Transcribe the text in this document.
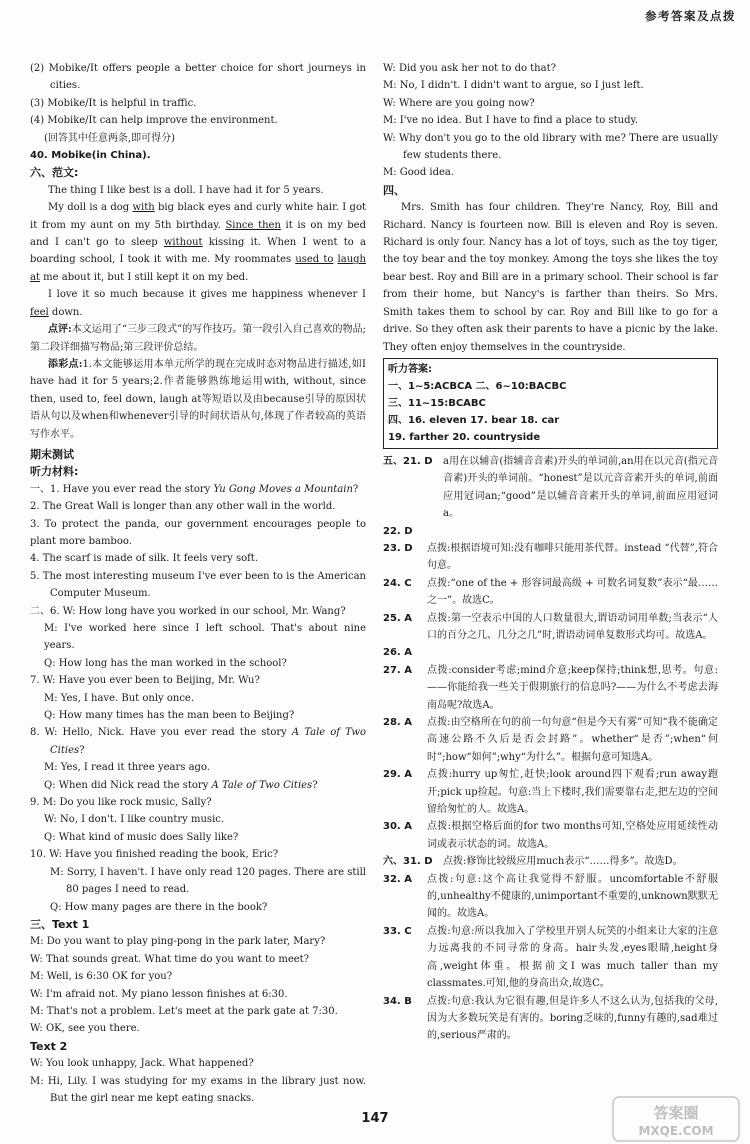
参考答案及点拨

(2) Mobike/It offers people a better choice for short journeys in cities.

(3) Mobike/It is helpful in traffic.

(4) Mobike/It can help improve the environment.

(回答其中任意两条,即可得分)

40. Mobike(in China).

六、范文:

The thing I like best is a doll. I have had it for 5 years.

My doll is a dog with big black eyes and curly white hair. I got it from my aunt on my 5th birthday. Since then it is on my bed and I can't go to sleep without kissing it. When I went to a boarding school, I took it with me. My roommates used to laugh at me about it, but I still kept it on my bed.

I love it so much because it gives me happiness whenever I feel down.

点评:本文运用了“三步三段式”的写作技巧。第一段引入自己喜欢的物品;第二段详细描写物品;第三段评价总结。

添彩点:1.本文能够运用本单元所学的现在完成时态对物品进行描述,如I have had it for 5 years;2.作者能够熟练地运用with, without, since then, used to, feel down, laugh at等短语以及由because引导的原因状语从句以及when和whenever引导的时间状语从句,体现了作者较高的英语写作水平。

期末测试

听力材料:

一、1. Have you ever read the story Yu Gong Moves a Mountain?

2. The Great Wall is longer than any other wall in the world.

3. To protect the panda, our government encourages people to plant more bamboo.

4. The scarf is made of silk. It feels very soft.

5. The most interesting museum I've ever been to is the American Computer Museum.

二、6. W: How long have you worked in our school, Mr. Wang?

M: I've worked here since I left school. That's about nine years.

Q: How long has the man worked in the school?

7. W: Have you ever been to Beijing, Mr. Wu?

M: Yes, I have. But only once.

Q: How many times has the man been to Beijing?

8. W: Hello, Nick. Have you ever read the story A Tale of Two Cities?

M: Yes, I read it three years ago.

Q: When did Nick read the story A Tale of Two Cities?

9. M: Do you like rock music, Sally?

W: No, I don't. I like country music.

Q: What kind of music does Sally like?

10. W: Have you finished reading the book, Eric?

M: Sorry, I haven't. I have only read 120 pages. There are still 80 pages I need to read.

Q: How many pages are there in the book?

三、Text 1

M: Do you want to play ping-pong in the park later, Mary?

W: That sounds great. What time do you want to meet?

M: Well, is 6:30 OK for you?

W: I'm afraid not. My piano lesson finishes at 6:30.

M: That's not a problem. Let's meet at the park gate at 7:30.

W: OK, see you there.

Text 2

W: You look unhappy, Jack. What happened?

M: Hi, Lily. I was studying for my exams in the library just now. But the girl near me kept eating snacks.

W: Did you ask her not to do that?

M: No, I didn't. I didn't want to argue, so I just left.

W: Where are you going now?

M: I've no idea. But I have to find a place to study.

W: Why don't you go to the old library with me? There are usually few students there.

M: Good idea.

四、

Mrs. Smith has four children. They're Nancy, Roy, Bill and Richard. Nancy is fourteen now. Bill is eleven and Roy is seven. Richard is only four. Nancy has a lot of toys, such as the toy tiger, the toy bear and the toy monkey. Among the toys she likes the toy bear best. Roy and Bill are in a primary school. Their school is far from their home, but Nancy's is farther than theirs. So Mrs. Smith takes them to school by car. Roy and Bill like to go for a drive. So they often ask their parents to have a picnic by the lake. They often enjoy themselves in the countryside.

听力答案:
一、1~5:ACBCA 二、6~10:BACBC
三、11~15:BCABC
四、16. eleven 17. bear 18. car
19. farther 20. countryside
五、21. D	a用在以辅音(指辅音音素)开头的单词前,an用在以元音(指元音音素)开头的单词前。“honest”是以元音音素开头的单词,前面应用冠词an;“good”是以辅音音素开头的单词,前面应用冠词a。
22. D
23. D	点拨:根据语境可知:没有咖啡只能用茶代替。instead “代替”,符合句意。
24. C	点拨:“one of the + 形容词最高级 + 可数名词复数”表示“最……之一”。故选C。
25. A	点拨:第一空表示中国的人口数量很大,谓语动词用单数;当表示“人口的百分之几、几分之几”时,谓语动词单复数形式均可。故选A。
26. A
27. A	点拨:consider考虑;mind介意;keep保持;think想,思考。句意:——你能给我一些关于假期旅行的信息吗?——为什么不考虑去海南岛呢?故选A。
28. A	点拨:由空格所在句的前一句句意“但是今天有雾”可知“我不能确定高速公路不久后是否会封路”。whether“是否”;when“何时”;how“如何”;why“为什么”。根据句意可知选A。
29. A	点拨:hurry up匆忙,赶快;look around四下观看;run away跑开;pick up捡起。句意:当上下楼时,我们需要靠右走,把左边的空间留给匆忙的人。故选A。
30. A	点拨:根据空格后面的for two months可知,空格处应用延续性动词或表示状态的词。故选A。
六、31. D	点拨:修饰比较级应用much表示“……得多”。故选D。
32. A	点拨:句意:这个高让我觉得不舒服。uncomfortable不舒服的,unhealthy不健康的,unimportant不重要的,unknown默默无闻的。故选A。
33. C	点拨:句意:所以我加入了学校里开别人玩笑的小组来让大家的注意力远离我的不同寻常的身高。hair头发,eyes眼睛,height身高,weight体重。根据前文I was much taller than my classmates.可知,他的身高出众,故选C。
34. B	点拨:句意:我认为它很有趣,但是许多人不这么认为,包括我的父母,因为大多数玩笑是有害的。boring乏味的,funny有趣的,sad难过的,serious严肃的。
147	答案圈
MXQE.COM
